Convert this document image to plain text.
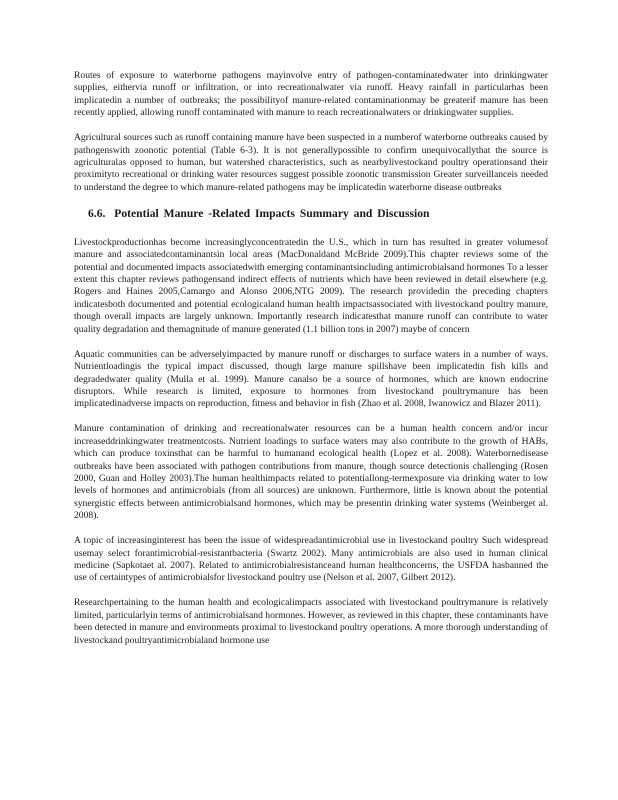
Routes of exposure to waterborne pathogens mayinvolve entry of pathogen-contaminatedwater into drinkingwater supplies, eithervia runoff or infiltration, or into recreationalwater via runoff. Heavy rainfall in particularhas been implicatedin a number of outbreaks; the possibilityof manure-related contaminationmay be greaterif manure has been recently applied, allowing runoff contaminated with manure to reach recreationalwaters or drinkingwater supplies.

Agricultural sources such as runoff containing manure have been suspected in a numberof waterborne outbreaks caused by pathogenswith zoonotic potential (Table 6-3). It is not generallypossible to confirm unequivocallythat the source is agriculturalas opposed to human, but watershed characteristics, such as nearbylivestockand poultry operationsand their proximityto recreational or drinking water resources suggest possible zoonotic transmission Greater surveillanceis needed to understand the degree to which manure-related pathogens may be implicatedin waterborne disease outbreaks

6.6. Potential Manure -Related Impacts Summary and Discussion

Livestockproductionhas become increasinglyconcentratedin the U.S., which in turn has resulted in greater volumesof manure and associatedcontaminantsin local areas (MacDonaldand McBride 2009).This chapter reviews some of the potential and documented impacts associatedwith emerging contaminantsincluding antimicrobialsand hormones To a lesser extent this chapter reviews pathogensand indirect effects of nutrients which have been reviewed in detail elsewhere (e.g. Rogers and Haines 2005,Camargo and Alonso 2006,NTG 2009). The research providedin the preceding chapters indicatesboth documented and potential ecologicaland human health impactsassociated with livestockand poultry manure, though overall impacts are largely unknown. Importantly research indicatesthat manure runoff can contribute to water quality degradation and themagnitude of manure generated (1.1 billion tons in 2007) maybe of concern

Aquatic communities can be adverselyimpacted by manure runoff or discharges to surface waters in a number of ways. Nutrientloadingis the typical impact discussed, though large manure spillshave been implicatedin fish kills and degradedwater quality (Mulla et al. 1999). Manure canalso be a source of hormones, which are known endocrine disruptors. While research is limited, exposure to hormones from livestockand poultrymanure has been implicatedinadverse impacts on reproduction, fitness and behavior in fish (Zhao et al. 2008, Iwanowicz and Blazer 2011).

Manure contamination of drinking and recreationalwater resources can be a human health concern and/or incur increaseddrinkingwater treatmentcosts. Nutrient loadings to surface waters may also contribute to the growth of HABs, which can produce toxinsthat can be harmful to humanand ecological health (Lopez et al. 2008). Waterbornedisease outbreaks have been associated with pathogen contributions from manure, though source detectionis challenging (Rosen 2000, Guan and Holley 2003).The human healthimpacts related to potentiallong-termexposure via drinking water to low levels of hormones and antimicrobials (from all sources) are unknown. Furthermore, little is known about the potential synergistic effects between antimicrobialsand hormones, which may be presentin drinking water systems (Weinberget al. 2008).

A topic of increasinginterest has been the issue of widespreadantimicrobial use in livestockand poultry Such widespread usemay select forantimicrobial-resistantbacteria (Swartz 2002). Many antimicrobials are also used in human clinical medicine (Sapkotaet al. 2007). Related to antimicrobialresistanceand human healthconcerns, the USFDA hasbanned the use of certaintypes of antimicrobialsfor livestockand poultry use (Nelson et al. 2007, Gilbert 2012).

Researchpertaining to the human health and ecologicalimpacts associated with livestockand poultrymanure is relatively limited, particularlyin terms of antimicrobialsand hormones. However, as reviewed in this chapter, these contaminants have been detected in manure and environments proximal to livestockand poultry operations. A more thorough understanding of livestockand poultryantimicrobialand hormone use
